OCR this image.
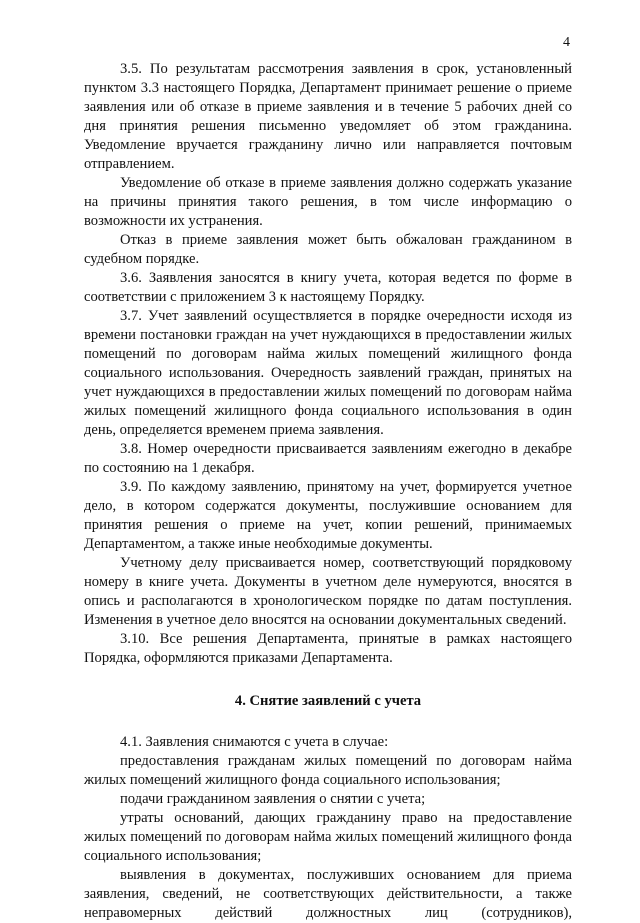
4

3.5. По результатам рассмотрения заявления в срок, установленный пунктом 3.3 настоящего Порядка, Департамент принимает решение о приеме заявления или об отказе в приеме заявления и в течение 5 рабочих дней со дня принятия решения письменно уведомляет об этом гражданина. Уведомление вручается гражданину лично или направляется почтовым отправлением.

Уведомление об отказе в приеме заявления должно содержать указание на причины принятия такого решения, в том числе информацию о возможности их устранения.

Отказ в приеме заявления может быть обжалован гражданином в судебном порядке.

3.6. Заявления заносятся в книгу учета, которая ведется по форме в соответствии с приложением 3 к настоящему Порядку.

3.7. Учет заявлений осуществляется в порядке очередности исходя из времени постановки граждан на учет нуждающихся в предоставлении жилых помещений по договорам найма жилых помещений жилищного фонда социального использования. Очередность заявлений граждан, принятых на учет нуждающихся в предоставлении жилых помещений по договорам найма жилых помещений жилищного фонда социального использования в один день, определяется временем приема заявления.

3.8. Номер очередности присваивается заявлениям ежегодно в декабре по состоянию на 1 декабря.

3.9. По каждому заявлению, принятому на учет, формируется учетное дело, в котором содержатся документы, послужившие основанием для принятия решения о приеме на учет, копии решений, принимаемых Департаментом, а также иные необходимые документы.

Учетному делу присваивается номер, соответствующий порядковому номеру в книге учета. Документы в учетном деле нумеруются, вносятся в опись и располагаются в хронологическом порядке по датам поступления. Изменения в учетное дело вносятся на основании документальных сведений.

3.10. Все решения Департамента, принятые в рамках настоящего Порядка, оформляются приказами Департамента.

4. Снятие заявлений с учета

4.1. Заявления снимаются с учета в случае:

предоставления гражданам жилых помещений по договорам найма жилых помещений жилищного фонда социального использования;

подачи гражданином заявления о снятии с учета;

утраты оснований, дающих гражданину право на предоставление жилых помещений по договорам найма жилых помещений жилищного фонда социального использования;

выявления в документах, послуживших основанием для приема заявления, сведений, не соответствующих действительности, а также неправомерных действий должностных лиц (сотрудников),
